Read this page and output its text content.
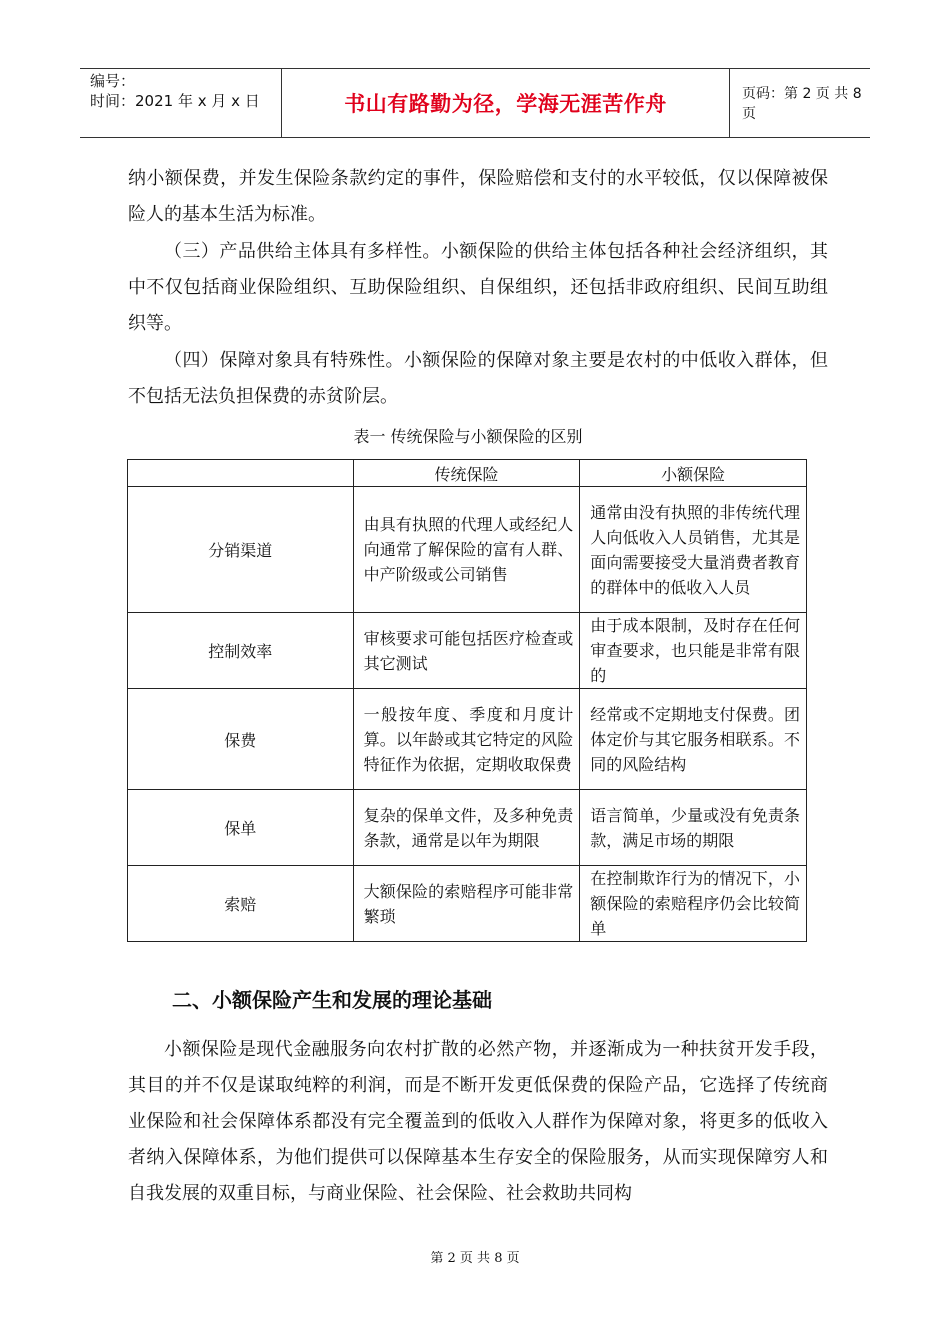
编号：
时间：2021 年 x 月 x 日	书山有路勤为径，学海无涯苦作舟	页码：第 2 页 共 8 页

纳小额保费，并发生保险条款约定的事件，保险赔偿和支付的水平较低，仅以保障被保险人的基本生活为标准。

（三）产品供给主体具有多样性。小额保险的供给主体包括各种社会经济组织，其中不仅包括商业保险组织、互助保险组织、自保组织，还包括非政府组织、民间互助组织等。

（四）保障对象具有特殊性。小额保险的保障对象主要是农村的中低收入群体，但不包括无法负担保费的赤贫阶层。

表一 传统保险与小额保险的区别
	传统保险	小额保险
分销渠道	由具有执照的代理人或经纪人向通常了解保险的富有人群、中产阶级或公司销售	通常由没有执照的非传统代理人向低收入人员销售，尤其是面向需要接受大量消费者教育的群体中的低收入人员
控制效率	审核要求可能包括医疗检查或其它测试	由于成本限制，及时存在任何审查要求，也只能是非常有限的
保费	一般按年度、季度和月度计算。以年龄或其它特定的风险特征作为依据，定期收取保费	经常或不定期地支付保费。团体定价与其它服务相联系。不同的风险结构
保单	复杂的保单文件，及多种免责条款，通常是以年为期限	语言简单，少量或没有免责条款，满足市场的期限
索赔	大额保险的索赔程序可能非常繁琐	在控制欺诈行为的情况下，小额保险的索赔程序仍会比较简单
二、小额保险产生和发展的理论基础

小额保险是现代金融服务向农村扩散的必然产物，并逐渐成为一种扶贫开发手段，其目的并不仅是谋取纯粹的利润，而是不断开发更低保费的保险产品，它选择了传统商业保险和社会保障体系都没有完全覆盖到的低收入人群作为保障对象，将更多的低收入者纳入保障体系，为他们提供可以保障基本生存安全的保险服务，从而实现保障穷人和自我发展的双重目标，与商业保险、社会保险、社会救助共同构

第 2 页 共 8 页
